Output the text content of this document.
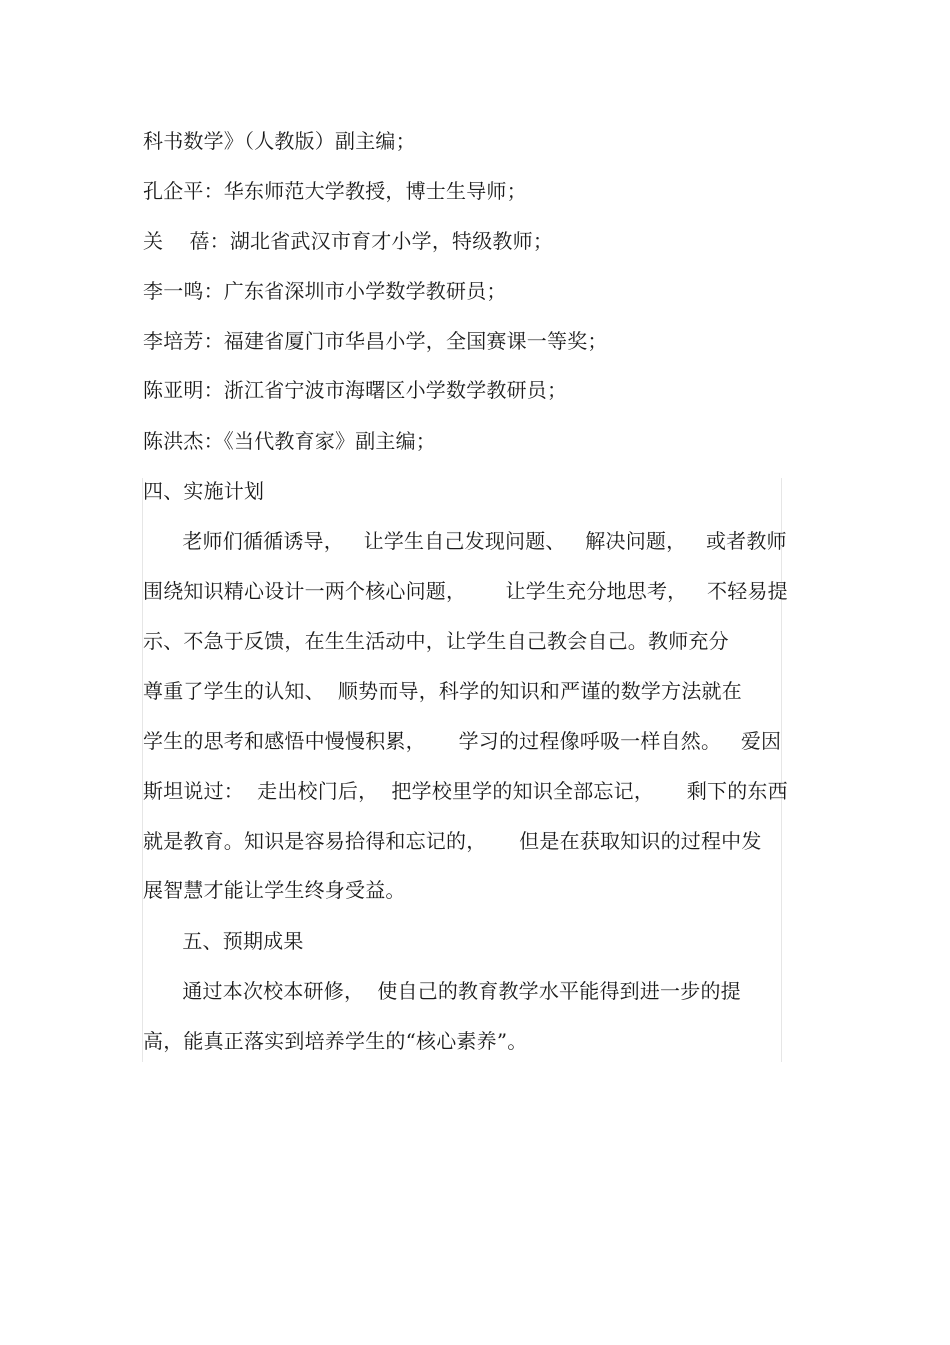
科书数学》（人教版）副主编；
孔企平：华东师范大学教授，博士生导师；
关    蓓：湖北省武汉市育才小学，特级教师；
李一鸣：广东省深圳市小学数学教研员；
李培芳：福建省厦门市华昌小学，全国赛课一等奖；
陈亚明：浙江省宁波市海曙区小学数学教研员；
陈洪杰：《当代教育家》副主编；
四、实施计划
老师们循循诱导，   让学生自己发现问题、   解决问题，   或者教师
围绕知识精心设计一两个核心问题，      让学生充分地思考，   不轻易提
示、不急于反馈，在生生活动中，让学生自己教会自己。教师充分
尊重了学生的认知、  顺势而导，科学的知识和严谨的数学方法就在
学生的思考和感悟中慢慢积累，     学习的过程像呼吸一样自然。   爱因
斯坦说过：  走出校门后，  把学校里学的知识全部忘记，     剩下的东西
就是教育。知识是容易拾得和忘记的，     但是在获取知识的过程中发
展智慧才能让学生终身受益。
五、预期成果
通过本次校本研修，  使自己的教育教学水平能得到进一步的提
高，能真正落实到培养学生的“核心素养”。
